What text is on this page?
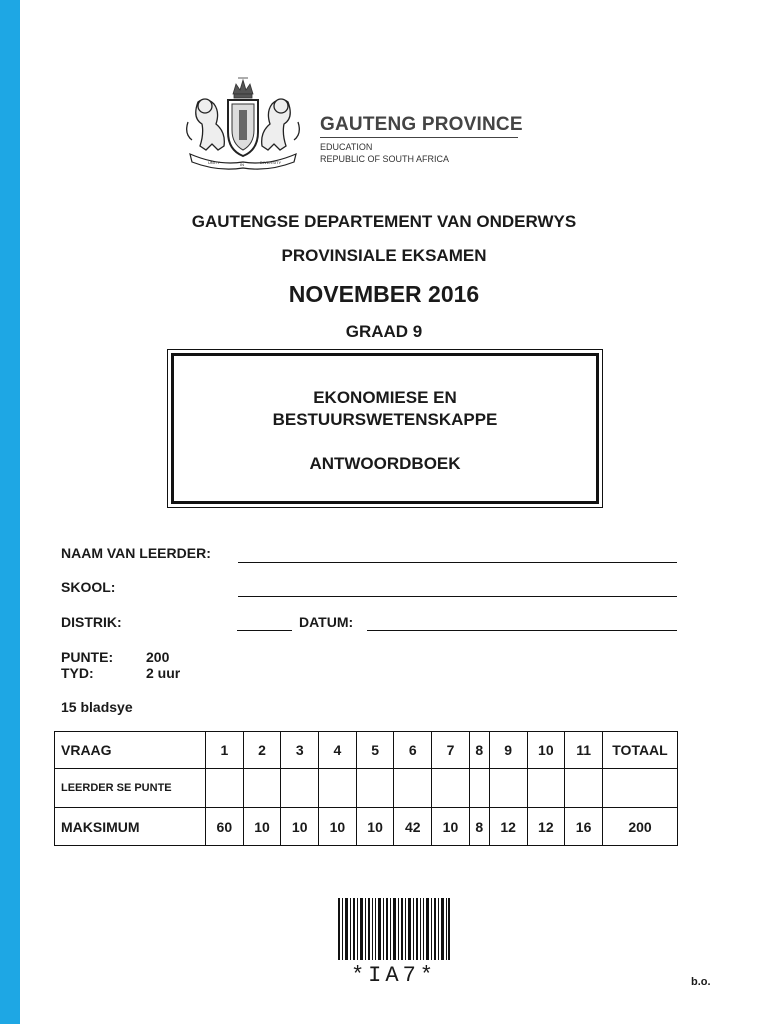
UNITY	IN	DIVERSITY
GAUTENG PROVINCE
EDUCATION
REPUBLIC OF SOUTH AFRICA
GAUTENGSE DEPARTEMENT VAN ONDERWYS
PROVINSIALE EKSAMEN
NOVEMBER 2016
GRAAD 9
EKONOMIESE EN
BESTUURSWETENSKAPPE
ANTWOORDBOEK
NAAM VAN LEERDER:
SKOOL:
DISTRIK:	DATUM:
PUNTE: 200
TYD:	2 uur
15 bladsye
VRAAG	1	2	3	4	5	6	7	8	9	10	11	TOTAAL
LEERDER SE PUNTE												
MAKSIMUM	60	10	10	10	10	42	10	8	12	12	16	200
*IA7*	b.o.
